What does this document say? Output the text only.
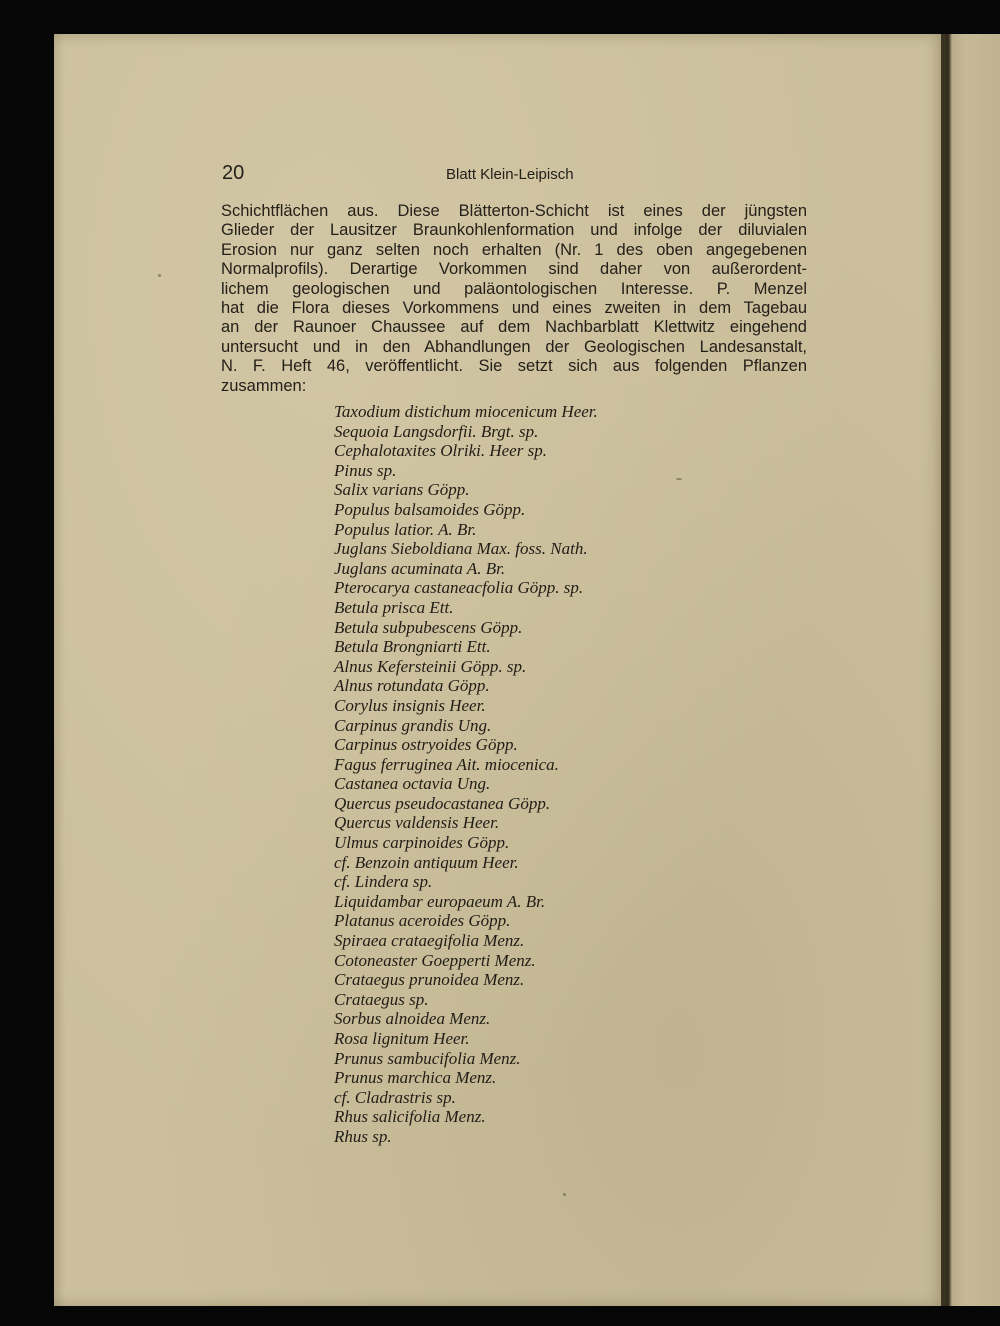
20	Blatt Klein-Leipisch
Schichtflächen aus. Diese Blätterton-Schicht ist eines der jüngsten
Glieder der Lausitzer Braunkohlenformation und infolge der diluvialen
Erosion nur ganz selten noch erhalten (Nr. 1 des oben angegebenen
Normalprofils). Derartige Vorkommen sind daher von außerordent-
lichem geologischen und paläontologischen Interesse. P. Menzel
hat die Flora dieses Vorkommens und eines zweiten in dem Tagebau
an der Raunoer Chaussee auf dem Nachbarblatt Klettwitz eingehend
untersucht und in den Abhandlungen der Geologischen Landesanstalt,
N. F. Heft 46, veröffentlicht. Sie setzt sich aus folgenden Pflanzen
zusammen:
Taxodium distichum miocenicum Heer.
Sequoia Langsdorfii. Brgt. sp.
Cephalotaxites Olriki. Heer sp.
Pinus sp.
Salix varians Göpp.
Populus balsamoides Göpp.
Populus latior. A. Br.
Juglans Sieboldiana Max. foss. Nath.
Juglans acuminata A. Br.
Pterocarya castaneacfolia Göpp. sp.
Betula prisca Ett.
Betula subpubescens Göpp.
Betula Brongniarti Ett.
Alnus Kefersteinii Göpp. sp.
Alnus rotundata Göpp.
Corylus insignis Heer.
Carpinus grandis Ung.
Carpinus ostryoides Göpp.
Fagus ferruginea Ait. miocenica.
Castanea octavia Ung.
Quercus pseudocastanea Göpp.
Quercus valdensis Heer.
Ulmus carpinoides Göpp.
cf. Benzoin antiquum Heer.
cf. Lindera sp.
Liquidambar europaeum A. Br.
Platanus aceroides Göpp.
Spiraea crataegifolia Menz.
Cotoneaster Goepperti Menz.
Crataegus prunoidea Menz.
Crataegus sp.
Sorbus alnoidea Menz.
Rosa lignitum Heer.
Prunus sambucifolia Menz.
Prunus marchica Menz.
cf. Cladrastris sp.
Rhus salicifolia Menz.
Rhus sp.
